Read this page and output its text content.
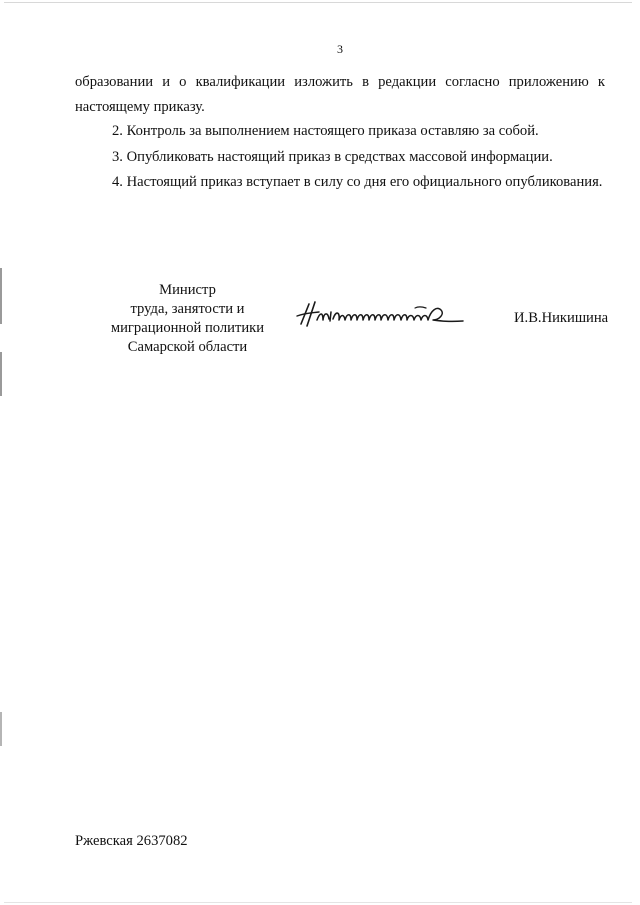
3

образовании и о квалификации изложить в редакции согласно приложению к настоящему приказу.

2. Контроль за выполнением настоящего приказа оставляю за собой.

3. Опубликовать настоящий приказ в средствах массовой информации.

4. Настоящий приказ вступает в силу со дня его официального опубликования.

Министр
труда, занятости и
миграционной политики
Самарской области
И.В.Никишина
Ржевская 2637082
